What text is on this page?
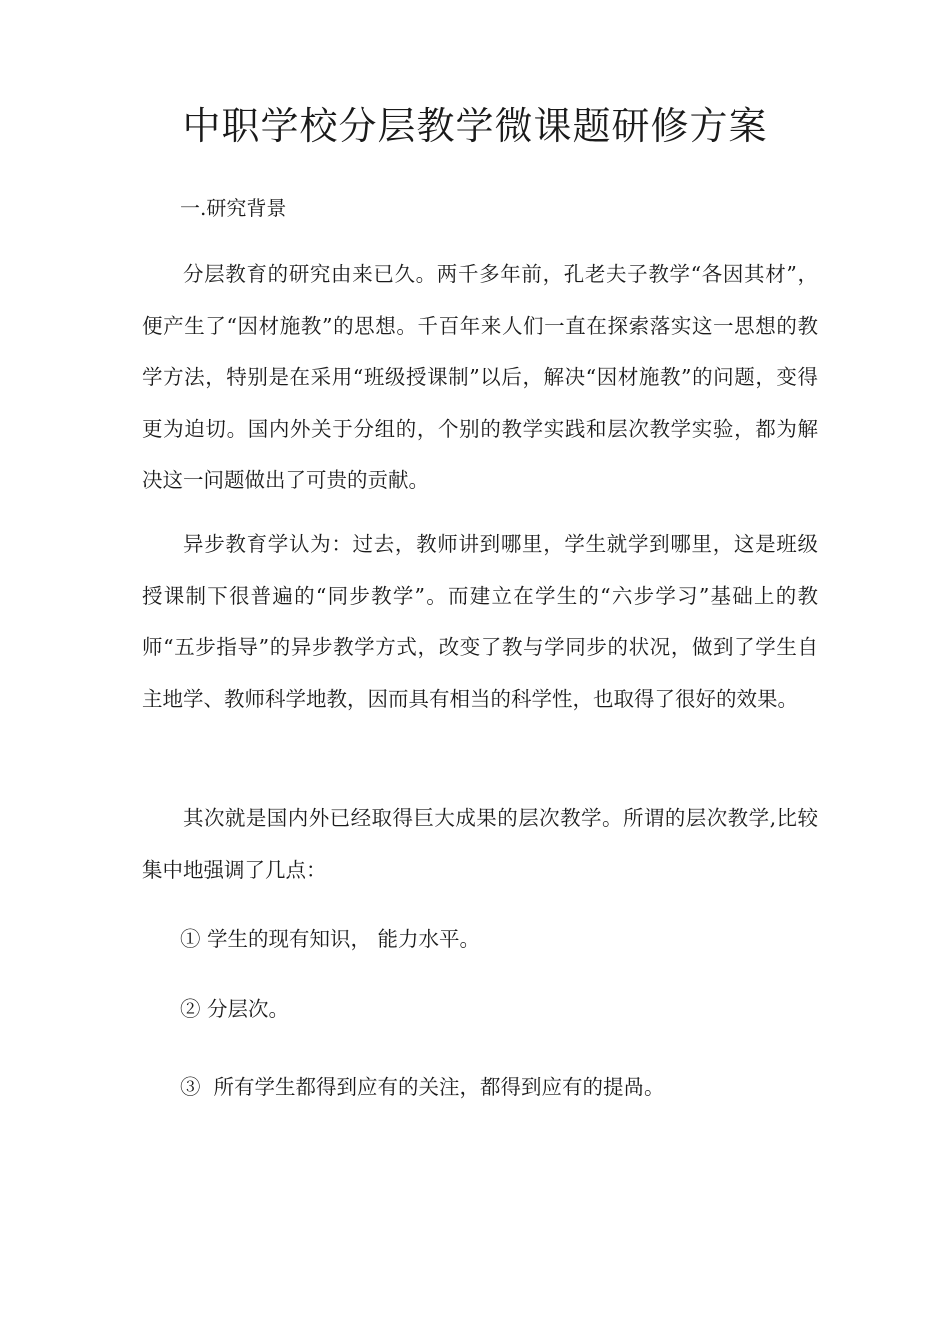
中职学校分层教学微课题研修方案
一.研究背景

分层教育的研究由来已久。两千多年前，孔老夫子教学“各因其材”，便产生了“因材施教”的思想。千百年来人们一直在探索落实这一思想的教学方法，特别是在采用“班级授课制”以后，解决“因材施教”的问题，变得更为迫切。国内外关于分组的，个别的教学实践和层次教学实验，都为解决这一问题做出了可贵的贡献。

异步教育学认为：过去，教师讲到哪里，学生就学到哪里，这是班级授课制下很普遍的“同步教学”。而建立在学生的“六步学习”基础上的教师“五步指导”的异步教学方式，改变了教与学同步的状况，做到了学生自主地学、教师科学地教，因而具有相当的科学性，也取得了很好的效果。

其次就是国内外已经取得巨大成果的层次教学。所谓的层次教学,比较集中地强调了几点：

① 学生的现有知识， 能力水平。
② 分层次。
③  所有学生都得到应有的关注，都得到应有的提咼。
